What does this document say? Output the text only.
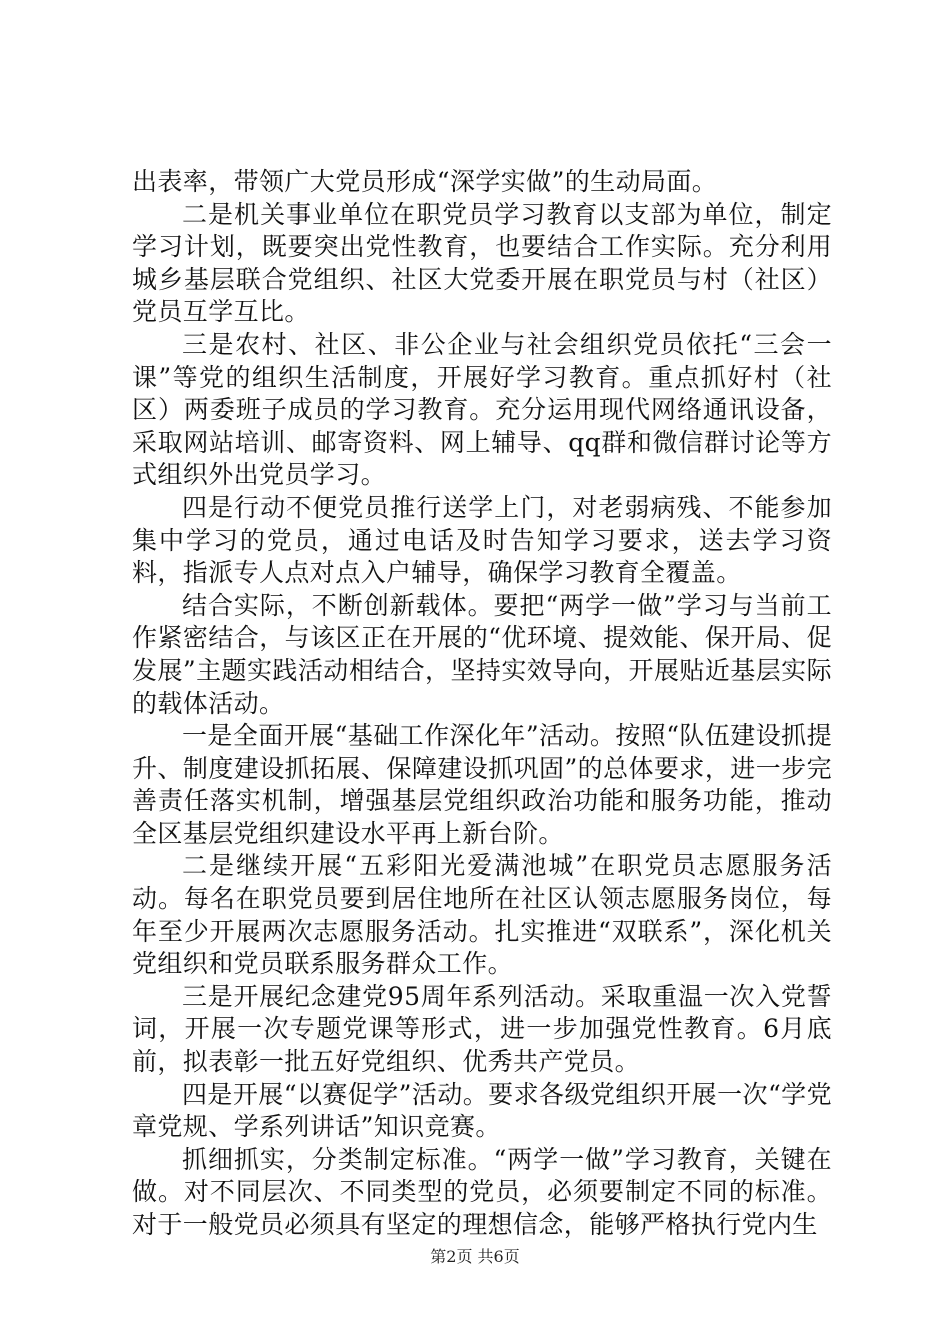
出表率，带领广大党员形成“深学实做”的生动局面。

二是机关事业单位在职党员学习教育以支部为单位，制定学习计划，既要突出党性教育，也要结合工作实际。充分利用城乡基层联合党组织、社区大党委开展在职党员与村（社区）党员互学互比。

三是农村、社区、非公企业与社会组织党员依托“三会一课”等党的组织生活制度，开展好学习教育。重点抓好村（社区）两委班子成员的学习教育。充分运用现代网络通讯设备，采取网站培训、邮寄资料、网上辅导、qq群和微信群讨论等方式组织外出党员学习。

四是行动不便党员推行送学上门，对老弱病残、不能参加集中学习的党员，通过电话及时告知学习要求，送去学习资料，指派专人点对点入户辅导，确保学习教育全覆盖。

结合实际，不断创新载体。要把“两学一做”学习与当前工作紧密结合，与该区正在开展的“优环境、提效能、保开局、促发展”主题实践活动相结合，坚持实效导向，开展贴近基层实际的载体活动。

一是全面开展“基础工作深化年”活动。按照“队伍建设抓提升、制度建设抓拓展、保障建设抓巩固”的总体要求，进一步完善责任落实机制，增强基层党组织政治功能和服务功能，推动全区基层党组织建设水平再上新台阶。

二是继续开展“五彩阳光爱满池城”在职党员志愿服务活动。每名在职党员要到居住地所在社区认领志愿服务岗位，每年至少开展两次志愿服务活动。扎实推进“双联系”，深化机关党组织和党员联系服务群众工作。

三是开展纪念建党95周年系列活动。采取重温一次入党誓词，开展一次专题党课等形式，进一步加强党性教育。6月底前，拟表彰一批五好党组织、优秀共产党员。

四是开展“以赛促学”活动。要求各级党组织开展一次“学党章党规、学系列讲话”知识竞赛。

抓细抓实，分类制定标准。“两学一做”学习教育，关键在做。对不同层次、不同类型的党员，必须要制定不同的标准。对于一般党员必须具有坚定的理想信念，能够严格执行党内生

第2页 共6页
